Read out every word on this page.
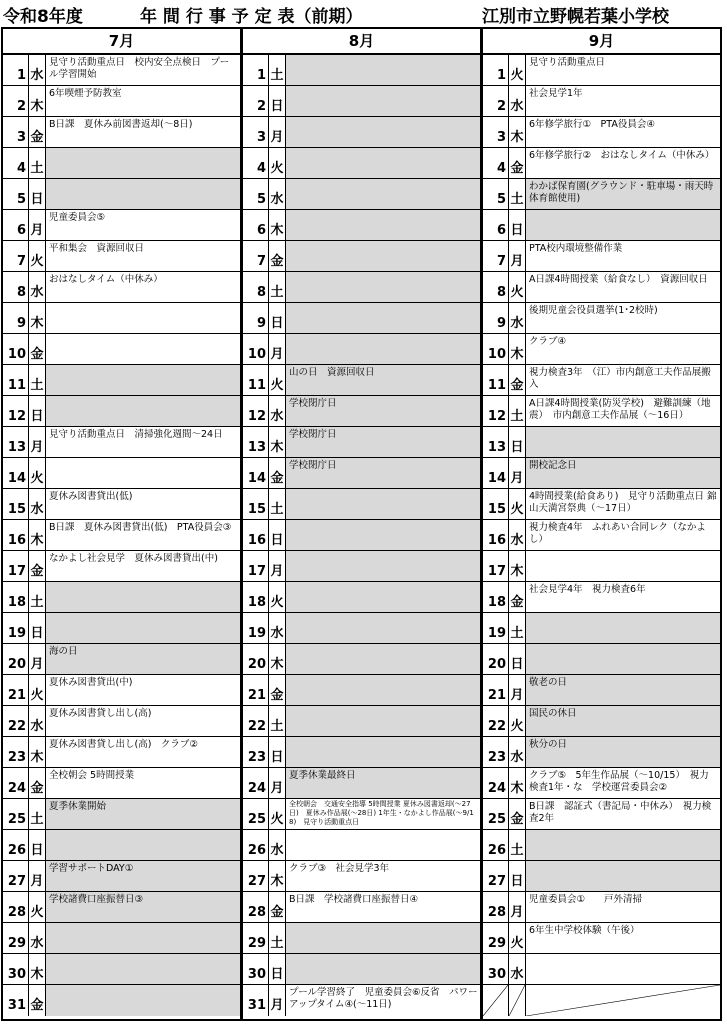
令和8年度	年 間 行 事 予 定 表（前期）	江別市立野幌若葉小学校
7月
1 水
見守り活動重点日　校内安全点検日　プール学習開始
2 木
6年喫煙予防教室
3 金
B日課　夏休み前図書返却(～8日)
4 土
5 日
6 月
児童委員会⑤
7 火
平和集会　資源回収日
8 水
おはなしタイム（中休み）
9 木
10 金
11 土
12 日
13 月
見守り活動重点日　清掃強化週間～24日
14 火
15 水
夏休み図書貸出(低)
16 木
B日課　夏休み図書貸出(低)　PTA役員会③
17 金
なかよし社会見学　夏休み図書貸出(中)
18 土
19 日
20 月
海の日
21 火
夏休み図書貸出(中)
22 水
夏休み図書貸し出し(高)
23 木
夏休み図書貸し出し(高)　クラブ②
24 金
全校朝会 5時間授業
25 土
夏季休業開始
26 日
27 月
学習サポートDAY①
28 火
学校諸費口座振替日③
29 水
30 木
31 金
8月
1 土
2 日
3 月
4 火
5 水
6 木
7 金
8 土
9 日
10 月
11 火
山の日　資源回収日
12 水
学校閉庁日
13 木
学校閉庁日
14 金
学校閉庁日
15 土
16 日
17 月
18 火
19 水
20 木
21 金
22 土
23 日
24 月
夏季休業最終日
25 火
全校朝会　交通安全指導 5時間授業 夏休み図書返却(～27日)　夏休み作品展(～28日) 1年生・なかよし作品展(～9/18)　見守り活動重点日
26 水
27 木
クラブ③　社会見学3年
28 金
B日課　学校諸費口座振替日④
29 土
30 日
31 月
プール学習終了　児童委員会⑥反省　パワーアップタイム④(～11日)
9月
1 火
見守り活動重点日
2 水
社会見学1年
3 木
6年修学旅行①　PTA役員会④
4 金
6年修学旅行②　おはなしタイム（中休み）
5 土
わかば保育園(グラウンド・駐車場・雨天時体育館使用)
6 日
7 月
PTA校内環境整備作業
8 火
A日課4時間授業（給食なし）　資源回収日
9 水
後期児童会役員選挙(1･2校時)
10 木
クラブ④
11 金
視力検査3年　（江）市内創意工夫作品展搬入
12 土
A日課4時間授業(防災学校)　避難訓練（地震）　市内創意工夫作品展（～16日）
13 日
14 月
開校記念日
15 火
4時間授業(給食あり)　見守り活動重点日 錦山天満宮祭典（～17日）
16 水
視力検査4年　ふれあい合同レク（なかよし）
17 木
18 金
社会見学4年　視力検査6年
19 土
20 日
21 月
敬老の日
22 火
国民の休日
23 水
秋分の日
24 木
クラブ⑤　5年生作品展（～10/15）　視力検査1年・な　学校運営委員会②
25 金
B日課　認証式（書記局・中休み）　視力検査2年
26 土
27 日
28 月
児童委員会①　　戸外清掃
29 火
6年生中学校体験（午後）
30 水
